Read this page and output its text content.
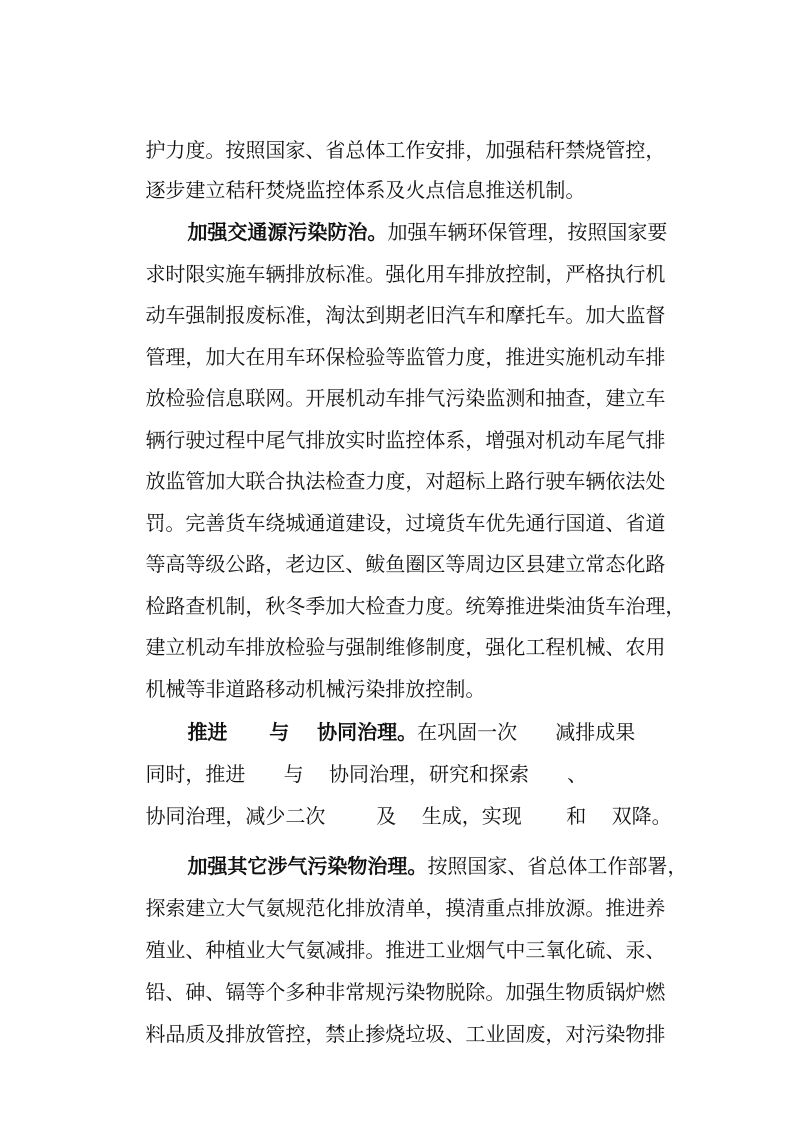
护力度。按照国家、省总体工作安排，加强秸秆禁烧管控，

逐步建立秸秆焚烧监控体系及火点信息推送机制。

加强交通源污染防治。加强车辆环保管理，按照国家要

求时限实施车辆排放标准。强化用车排放控制，严格执行机

动车强制报废标准，淘汰到期老旧汽车和摩托车。加大监督

管理，加大在用车环保检验等监管力度，推进实施机动车排

放检验信息联网。开展机动车排气污染监测和抽查，建立车

辆行驶过程中尾气排放实时监控体系，增强对机动车尾气排

放监管加大联合执法检查力度，对超标上路行驶车辆依法处

罚。完善货车绕城通道建设，过境货车优先通行国道、省道

等高等级公路，老边区、鲅鱼圈区等周边区县建立常态化路

检路查机制，秋冬季加大检查力度。统筹推进柴油货车治理，

建立机动车排放检验与强制维修制度，强化工程机械、农用

机械等非道路移动机械污染排放控制。

推进      与    协同治理。在巩固一次      减排成果

同时，推进      与    协同治理，研究和探索      、

协同治理，减少二次        及    生成，实现       和    双降。

加强其它涉气污染物治理。按照国家、省总体工作部署，

探索建立大气氨规范化排放清单，摸清重点排放源。推进养

殖业、种植业大气氨减排。推进工业烟气中三氧化硫、汞、

铅、砷、镉等个多种非常规污染物脱除。加强生物质锅炉燃

料品质及排放管控，禁止掺烧垃圾、工业固废，对污染物排
